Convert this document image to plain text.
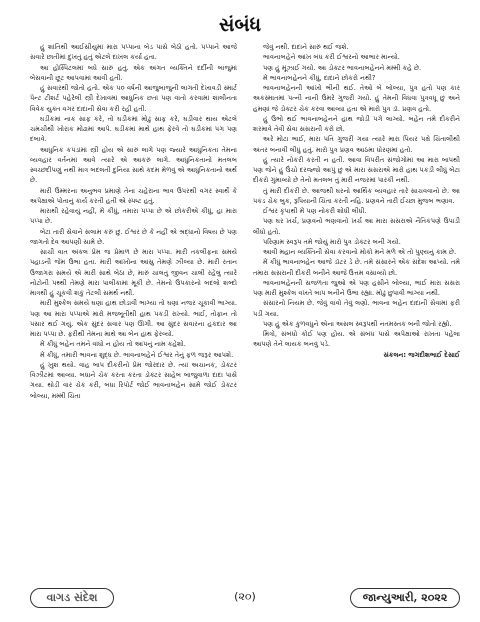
સંબંધ

હું શાંતિથી આઈસીયુમાં મારા પપ્પાના બેડ પાસે બેઠો હતો. પપ્પાને આજે સવારે છાતીમાં દુખતું હતું એટલે દાખલ કર્યા હતા.

આ હોસ્પિટલમાં બધે સારું હતું. એક અંગત વ્યક્તિને દર્દીની બાજુમાં બેસવાની છૂટ આપવામાં આવી હતી.

હું સવારથી જોતો હતો. એક ૫૦ વર્ષની આજુબાજુની લાગતી દેખાવડી સ્માર્ટ પેન્ટ ટીશર્ટ પહેરેલી સ્ત્રી દેખાવમાં આધુનિક છતાં પણ વાતો કરવામાં શાલીનતા વિવેક યુક્ત વગર દાદાની સેવા કરી રહી હતી.

ઘડીકમાં નાક સાફ કરે, તો ઘડીકમાં મોઢું સાફ કરે, ઘડીવાર થાય એટલે ચમચીથી ખોરાક મોઢામાં આપે. ઘડીકમાં માથે હાથ ફેરવે તો ઘડીકમાં પગ પણ દબાવે.

આધુનિક કપડાંમાં સ્ત્રી હોય એ સારું લાગે પણ જ્યારે આધુનિકતા તેમના વ્યવહાર વર્તનમાં આવે ત્યારે એ આકરું લાગે. આધુનિકતાનો મતલબ સ્વચ્છંદીપણું નથી માત્ર બદલતી દુનિયા સાથે કદમ મેળવું એ આધુનિકતાનો અર્થ છે.

મારી ઉમ્મરના અનુભવ પ્રમાણે તેના ચહેરાના ભાવ ઉપરથી વગર સ્વાર્થે કે અપેક્ષાએ પોતાનું કાર્ય કરતી હતી એ સ્પષ્ટ હતું.

મારાથી રહેવાયું નહીં, મેં કીધું, તમારા પપ્પા છે એ છોકરીએ કીધું, હા મારા પપ્પા છે.

બેટા તારી સેવાને સલામ કરું છું. ઈશ્વર છે કે નહીં એ શ્રદ્ધાનો વિષય છે પણ જાગતો દેવ આપણી સામે છે.

સાચી વાત અંકલ પ્રેમ જ પ્રેમાળ છે મારા પપ્પા. મારી તકલીફના સમયે પહાડની જેમ ઉભા હતા. મારી આંખોના આંસુ તેમણે ઝીલ્યા છે. મારી રતાન ઉજાગરા સમયે એ મારી સાથે બેઠા છે, મારું ચાલતું જીવન ચાલી રહેલું ત્યારે નોટોની પથ્થી તેમણે મારા પાલીકામાં મૂકી છે. તેમનો ઉપકારનો બદલો શબ્દો માત્રથી હું ચૂકવી શકું તેટલી સમર્થ નથી.

મારી મુશ્કેલ સમયે ઘણા હાથ છોડાવી ભાગ્યા તો ઘણા નજર ચૂકાવી ભાગ્યા. પણ આ મારા પપ્પાએ મારો મજબૂતીથી હાથ પકડી રાખ્યો. ભાઈ, તોફાન તો પસાર થઈ ગયું. એક સુંદર સવાર પણ ઊગી. આ સુંદર સવારના હકદાર આ મારા પપ્પા છે. ફરીથી તેમના માથે આ બેન હાથ ફેરવ્યો.

મેં કીધું બહેન તમને વાંધો ન હોય તો આપનું નામ કહેશો.

મેં કીધું, તમારી ભાવના શુદ્ધ છે. ભાવનાબહેને ઈશ્વર તેનું ફળ જરૂર આપશે.

હું ખુશ થયો. વાહ બાપ દીકરીનો પ્રેમ જોરદાર છે. ત્યાં અચાનક, ડોક્ટર વિઝીટમાં આવ્યા. બધાને ચેક કરતા કરતા ડોક્ટર સાહેબ બાજુવાળા દાદા પાસે ગયા. થોડી વાર ચેક કરી, બધા રિપોર્ટ જોઈ ભાવનાબહેન સામે જોઈ ડોક્ટર બોલ્યા, મમ્મી ચિંતા

જેવું નથી. દાદાને સારું થઈ જશે.

ભાવનાબહેને આંખ બંધ કરી ઈશ્વરનો આભાર માન્યો.

પણ હું મૂંઝાઈ ગયો. આ ડોક્ટર ભાવનાબહેનને મમ્મી કહે છે.

મેં ભાવનાબહેનને કીધું, દાદાને છોકરો નથી?

ભાવનાબહેનની આંખો ભીની થઈ. તેઓ બે બોલ્યા, પુત્ર હતો પણ કાર અકસ્માતમાં પત્ની નાની ઉંમરે ગુજરી ગયો. હું તેમની વિધવા પુત્રવધૂ છું અને હમણાં જે ડોક્ટર ચેક કરવા આવ્યા હતા એ મારો પુત્ર ડૉ. પ્રણવ હતો.

હું ઉભો થઈ ભાવનાબહેનને હાથ જોડી પગે લાગ્યો. બહેન તમે દીકરીને શરમાવે તેવી સેવા સસરાની કરો છો.

અરે મોટા ભાઈ, મારા પતિ ગુજરી ગયા ત્યારે મારા પિયર પક્ષે ચિંતાલીથી અંતર બનાવી લીધું હતું. મારો પુત્ર પ્રણવ આઠમા ધોરણમાં હતો.

હું ત્યારે નોકરી કરતી ન હતી. આવા વિપરીત સંજોગોમાં આ મારા બાપથી પણ જેને હું ઉંચો દરજ્જો આપું છું એ મારા સસરાએ મારો હાથ પકડી લીધું બેટા દીકરો ગુમાવ્યો છે તેનો મતલબ તું મારી નજરમાં પારકી નથી.

તું મારી દીકરી છે. આજથી ઘરનો આર્થિક વ્યવહાર તારે સાચવવાનો છે. આ પકડ ચેક બુક, રૂપિયાની ચિંતા કરતી નહિ. પ્રણવને તારી ઈચ્છા મુજબ ભણાવ.

ઈશ્વર કૃપાથી મેં પણ નોકરી શોધી લીધી.

પણ ઘર ખર્ચ, પ્રણવનો ભણવાનો ખર્ચ આ મારા સસરાએ નૈતિકપણે ઉપાડી લીધો હતો.

પરિણામ સ્વરૂપ તમે જોયું મારો પુત્ર ડોક્ટર બની ગયો.

આવી મહાન વ્યક્તિની સેવા કરવાનો મોકો મને મળે એ તો પુણ્યનું કામ છે.

મેં કીધું ભાવનાબહેન આજે ડૉટર ડે છે. તમે સંસારને એક સંદેશ આપ્યો. તમે તમારા સસરાની દીકરી બનીને આજે ઉત્તમ વસાવ્યો છો.

ભાવનાબહેનની સજળતા જુઓ એ પણ હસીને બોલ્યા, ભાઈ મારા સસરા પણ મારી મુશ્કેલ વખતે બાપ બનીને ઉભા રહ્યા. મોઢું છુપાવી ભાગ્યા નથી.

સંસારનો નિયમ છે. જેવું વાવો તેવું લણો. ભાવના બહેન દાદાની સેવામાં ફરી પડી ગયા.

પણ હું એક કુળવધુને એના અસલ સ્વરૂપથી નતમસ્તક બની જોતો રહ્યો.

મિત્રો, સંબંધો કોઈ પણ હોય. એ સંબંધ પાસે અપેક્ષાઓ રાખતા પહેલા આપણે તેને લાયક બનવું પડે.

સંકલન: જગદીશભાઈ દેસાઈ

વાગડ સંદેશ	(૨૦)	જાન્યુઆરી, ૨૦૨૨
